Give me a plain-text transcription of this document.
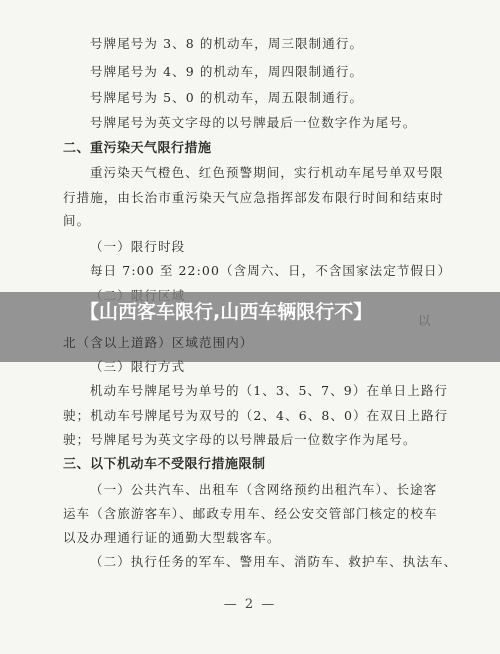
号牌尾号为 3、8 的机动车，周三限制通行。
号牌尾号为 4、9 的机动车，周四限制通行。
号牌尾号为 5、0 的机动车，周五限制通行。
号牌尾号为英文字母的以号牌最后一位数字作为尾号。
二、重污染天气限行措施
重污染天气橙色、红色预警期间，实行机动车尾号单双号限
行措施，由长治市重污染天气应急指挥部发布限行时间和结束时
间。
（一）限行时段
每日 7:00 至 22:00（含周六、日，不含国家法定节假日）
【山西客车限行,山西车辆限行不】
北（含以上道路）区域范围内）
（三）限行方式
机动车号牌尾号为单号的（1、3、5、7、9）在单日上路行
驶；机动车号牌尾号为双号的（2、4、6、8、0）在双日上路行
驶；号牌尾号为英文字母的以号牌最后一位数字作为尾号。
三、以下机动车不受限行措施限制
（一）公共汽车、出租车（含网络预约出租汽车）、长途客
运车（含旅游客车）、邮政专用车、经公安交管部门核定的校车
以及办理通行证的通勤大型载客车。
（二）执行任务的军车、警用车、消防车、救护车、执法车、
— 2 —
